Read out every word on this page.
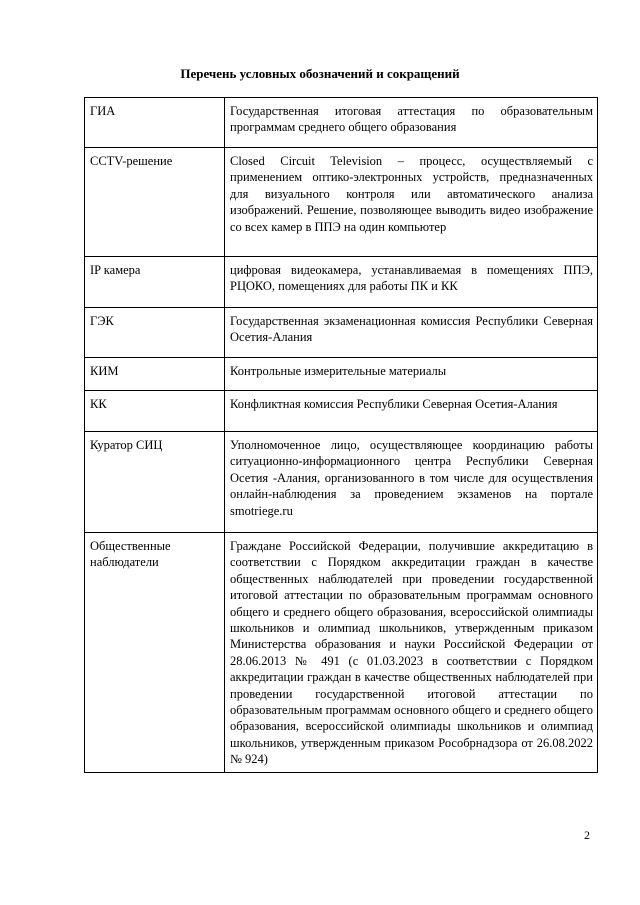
Перечень условных обозначений и сокращений
ГИА	Государственная итоговая аттестация по образовательным программам среднего общего образования
CCTV-решение	Closed Circuit Television – процесс, осуществляемый с применением оптико-электронных устройств, предназначенных для визуального контроля или автоматического анализа изображений. Решение, позволяющее выводить видео изображение со всех камер в ППЭ на один компьютер
IP камера	цифровая видеокамера, устанавливаемая в помещениях ППЭ, РЦОКО, помещениях для работы ПК и КК
ГЭК	Государственная экзаменационная комиссия Республики Северная Осетия-Алания
КИМ	Контрольные измерительные материалы
КК	Конфликтная комиссия Республики Северная Осетия-Алания
Куратор СИЦ	Уполномоченное лицо, осуществляющее координацию работы ситуационно-информационного центра Республики Северная Осетия -Алания, организованного в том числе для осуществления онлайн-наблюдения за проведением экзаменов на портале smotriege.ru
Общественные наблюдатели	Граждане Российской Федерации, получившие аккредитацию в соответствии с Порядком аккредитации граждан в качестве общественных наблюдателей при проведении государственной итоговой аттестации по образовательным программам основного общего и среднего общего образования, всероссийской олимпиады школьников и олимпиад школьников, утвержденным приказом Министерства образования и науки Российской Федерации от 28.06.2013 № 491 (с 01.03.2023 в соответствии с Порядком аккредитации граждан в качестве общественных наблюдателей при проведении государственной итоговой аттестации по образовательным программам основного общего и среднего общего образования, всероссийской олимпиады школьников и олимпиад школьников, утвержденным приказом Рособрнадзора от 26.08.2022 № 924)
2
